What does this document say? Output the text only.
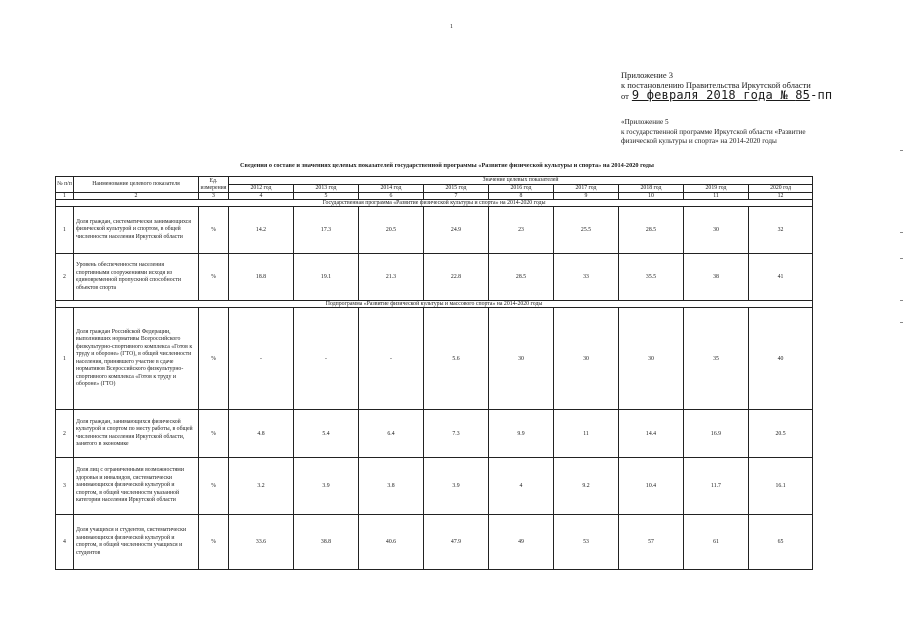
1
Приложение 3
к постановлению Правительства Иркутской области
от 9 февраля 2018 года № 85-пп
«Приложение 5
к государственной программе Иркутской области «Развитие физической культуры и спорта» на 2014-2020 годы
Сведения о составе и значениях целевых показателей государственной программы «Развитие физической культуры и спорта» на 2014-2020 годы
№ п/п	Наименование целевого показателя	Ед. измерения	Значение целевых показателей								
			2012 год	2013 год	2014 год	2015 год	2016 год	2017 год	2018 год	2019 год	2020 год
1	2	3	4	5	6	7	8	9	10	11	12
Государственная программа «Развитие физической культуры и спорта» на 2014-2020 годы											
1	Доля граждан, систематически занимающихся физической культурой и спортом, в общей численности населения Иркутской области	%	14.2	17.3	20.5	24.9	23	25.5	28.5	30	32
2	Уровень обеспеченности населения спортивными сооружениями исходя из единовременной пропускной способности объектов спорта	%	18.8	19.1	21.3	22.8	28.5	33	35.5	38	41
Подпрограмма «Развитие физической культуры и массового спорта» на 2014-2020 годы											
1	Доля граждан Российской Федерации, выполнивших нормативы Всероссийского физкультурно-спортивного комплекса «Готов к труду и обороне» (ГТО), в общей численности населения, принявшего участие в сдаче нормативов Всероссийского физкультурно-спортивного комплекса «Готов к труду и обороне» (ГТО)	%	-	-	-	5.6	30	30	30	35	40
2	Доля граждан, занимающихся физической культурой и спортом по месту работы, в общей численности населения Иркутской области, занятого в экономике	%	4.8	5.4	6.4	7.3	9.9	11	14.4	16.9	20.5
3	Доля лиц с ограниченными возможностями здоровья и инвалидов, систематически занимающихся физической культурой и спортом, в общей численности указанной категории населения Иркутской области	%	3.2	3.9	3.8	3.9	4	9.2	10.4	11.7	16.1
4	Доля учащихся и студентов, систематически занимающихся физической культурой и спортом, в общей численности учащихся и студентов	%	33.6	38.8	40.6	47.9	49	53	57	61	65
